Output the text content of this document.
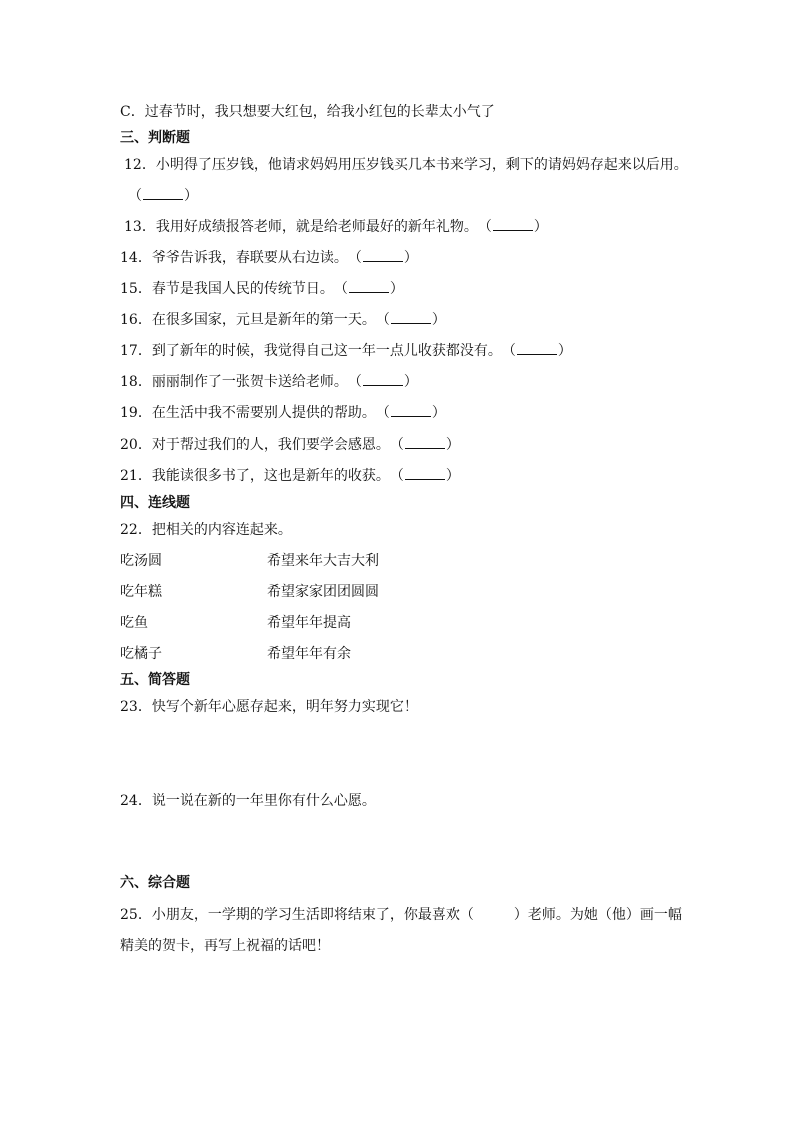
C．过春节时，我只想要大红包，给我小红包的长辈太小气了
三、判断题
12．小明得了压岁钱，他请求妈妈用压岁钱买几本书来学习，剩下的请妈妈存起来以后用。
（	）
13．我用好成绩报答老师，就是给老师最好的新年礼物。（	）
14．爷爷告诉我，春联要从右边读。（	）
15．春节是我国人民的传统节日。（	）
16．在很多国家，元旦是新年的第一天。（	）
17．到了新年的时候，我觉得自己这一年一点儿收获都没有。（	）
18．丽丽制作了一张贺卡送给老师。（	）
19．在生活中我不需要别人提供的帮助。（	）
20．对于帮过我们的人，我们要学会感恩。（	）
21．我能读很多书了，这也是新年的收获。（	）
四、连线题
22．把相关的内容连起来。
吃汤圆	希望来年大吉大利
吃年糕	希望家家团团圆圆
吃鱼	希望年年提高
吃橘子	希望年年有余
五、简答题
23．快写个新年心愿存起来，明年努力实现它！
24．说一说在新的一年里你有什么心愿。
六、综合题
25．小朋友，一学期的学习生活即将结束了，你最喜欢（	）老师。为她（他）画一幅
精美的贺卡，再写上祝福的话吧！
